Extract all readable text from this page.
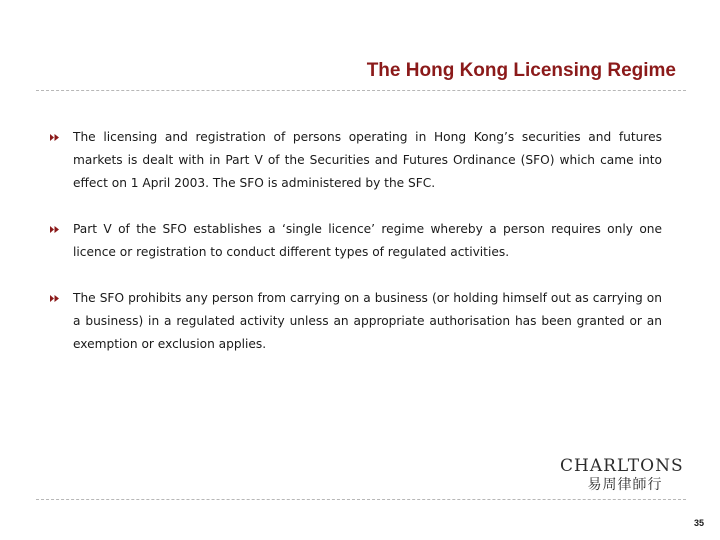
The Hong Kong Licensing Regime
The licensing and registration of persons operating in Hong Kong’s securities and futures markets is dealt with in Part V of the Securities and Futures Ordinance (SFO) which came into effect on 1 April 2003. The SFO is administered by the SFC.
Part V of the SFO establishes a ‘single licence’ regime whereby a person requires only one licence or registration to conduct different types of regulated activities.
The SFO prohibits any person from carrying on a business (or holding himself out as carrying on a business) in a regulated activity unless an appropriate authorisation has been granted or an exemption or exclusion applies.
CHARLTONS
易周律師行
35
